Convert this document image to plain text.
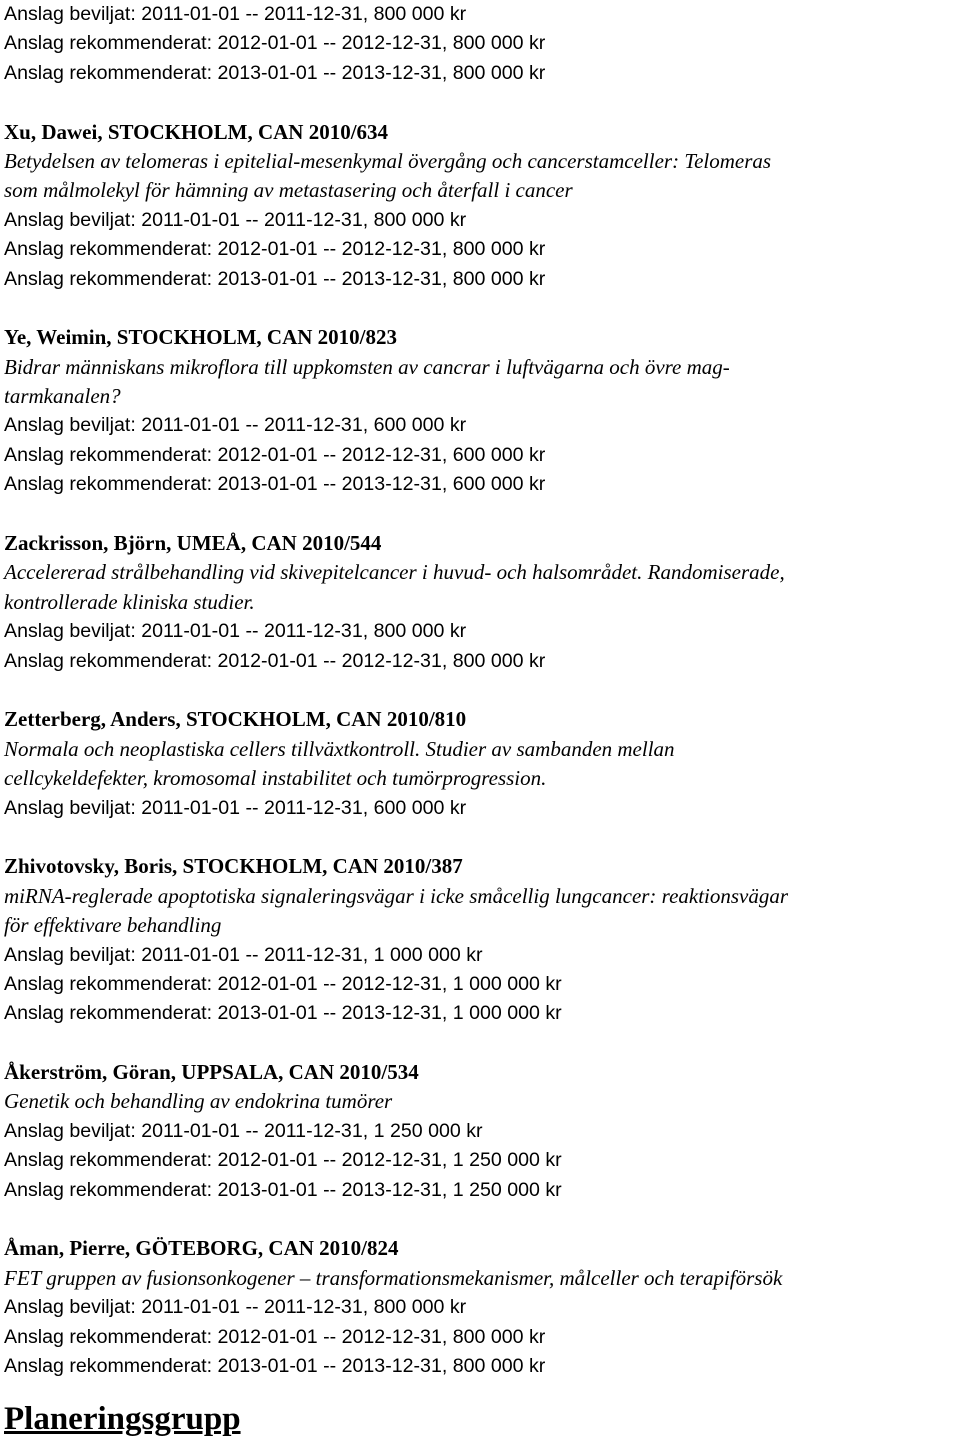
Anslag beviljat: 2011-01-01 -- 2011-12-31, 800 000 kr
Anslag rekommenderat: 2012-01-01 -- 2012-12-31, 800 000 kr
Anslag rekommenderat: 2013-01-01 -- 2013-12-31, 800 000 kr
Xu, Dawei, STOCKHOLM, CAN 2010/634
Betydelsen av telomeras i epitelial-mesenkymal övergång och cancerstamceller: Telomeras
som målmolekyl för hämning av metastasering och återfall i cancer
Anslag beviljat: 2011-01-01 -- 2011-12-31, 800 000 kr
Anslag rekommenderat: 2012-01-01 -- 2012-12-31, 800 000 kr
Anslag rekommenderat: 2013-01-01 -- 2013-12-31, 800 000 kr
Ye, Weimin, STOCKHOLM, CAN 2010/823
Bidrar människans mikroflora till uppkomsten av cancrar i luftvägarna och övre mag-
tarmkanalen?
Anslag beviljat: 2011-01-01 -- 2011-12-31, 600 000 kr
Anslag rekommenderat: 2012-01-01 -- 2012-12-31, 600 000 kr
Anslag rekommenderat: 2013-01-01 -- 2013-12-31, 600 000 kr
Zackrisson, Björn, UMEÅ, CAN 2010/544
Accelererad strålbehandling vid skivepitelcancer i huvud- och halsområdet. Randomiserade,
kontrollerade kliniska studier.
Anslag beviljat: 2011-01-01 -- 2011-12-31, 800 000 kr
Anslag rekommenderat: 2012-01-01 -- 2012-12-31, 800 000 kr
Zetterberg, Anders, STOCKHOLM, CAN 2010/810
Normala och neoplastiska cellers tillväxtkontroll. Studier av sambanden mellan
cellcykeldefekter, kromosomal instabilitet och tumörprogression.
Anslag beviljat: 2011-01-01 -- 2011-12-31, 600 000 kr
Zhivotovsky, Boris, STOCKHOLM, CAN 2010/387
miRNA-reglerade apoptotiska signaleringsvägar i icke småcellig lungcancer: reaktionsvägar
för effektivare behandling
Anslag beviljat: 2011-01-01 -- 2011-12-31, 1 000 000 kr
Anslag rekommenderat: 2012-01-01 -- 2012-12-31, 1 000 000 kr
Anslag rekommenderat: 2013-01-01 -- 2013-12-31, 1 000 000 kr
Åkerström, Göran, UPPSALA, CAN 2010/534
Genetik och behandling av endokrina tumörer
Anslag beviljat: 2011-01-01 -- 2011-12-31, 1 250 000 kr
Anslag rekommenderat: 2012-01-01 -- 2012-12-31, 1 250 000 kr
Anslag rekommenderat: 2013-01-01 -- 2013-12-31, 1 250 000 kr
Åman, Pierre, GÖTEBORG, CAN 2010/824
FET gruppen av fusionsonkogener – transformationsmekanismer, målceller och terapiförsök
Anslag beviljat: 2011-01-01 -- 2011-12-31, 800 000 kr
Anslag rekommenderat: 2012-01-01 -- 2012-12-31, 800 000 kr
Anslag rekommenderat: 2013-01-01 -- 2013-12-31, 800 000 kr
Planeringsgrupp
